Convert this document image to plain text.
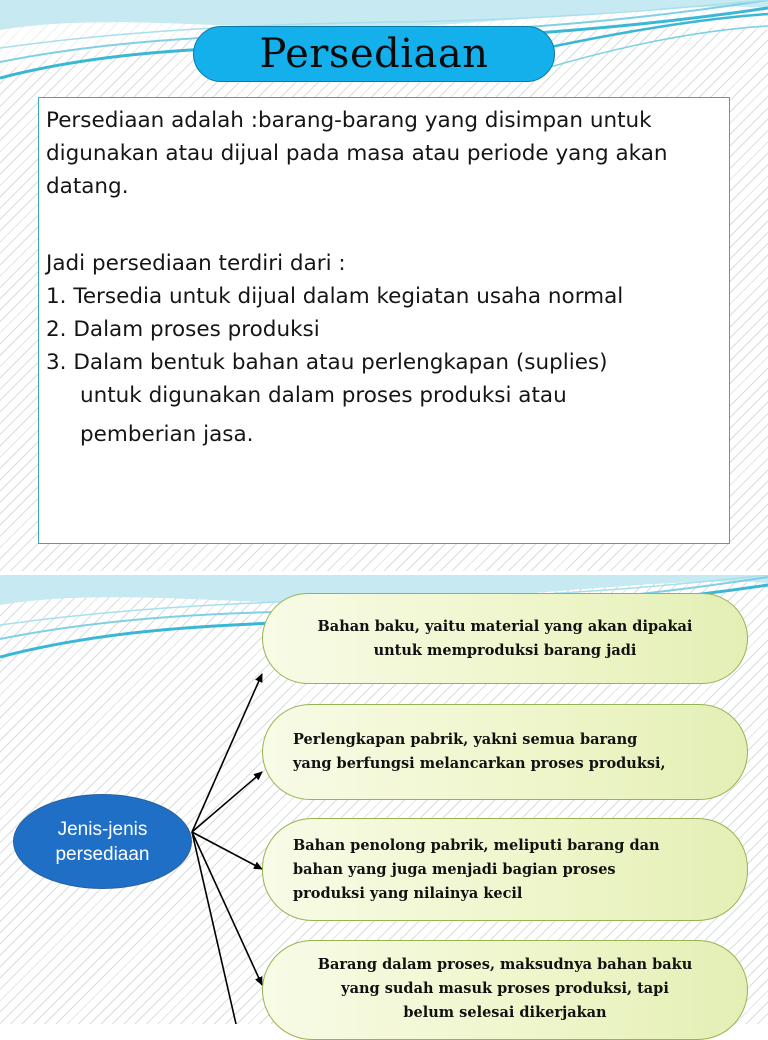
Persediaan

Persediaan adalah :barang-barang yang disimpan untuk

digunakan atau dijual pada masa atau periode yang akan

datang.

Jadi persediaan terdiri dari :

1. Tersedia untuk dijual dalam kegiatan usaha normal

2. Dalam proses produksi

3. Dalam bentuk bahan atau perlengkapan (suplies)

untuk digunakan dalam proses produksi atau

pemberian jasa.

Jenis-jenis
persediaan
Bahan baku, yaitu material yang akan dipakai
untuk memproduksi barang jadi
Perlengkapan pabrik, yakni semua barang
yang berfungsi melancarkan proses produksi,
Bahan penolong pabrik, meliputi barang dan
bahan yang juga menjadi bagian proses
produksi yang nilainya kecil
Barang dalam proses, maksudnya bahan baku
yang sudah masuk proses produksi, tapi
belum selesai dikerjakan
